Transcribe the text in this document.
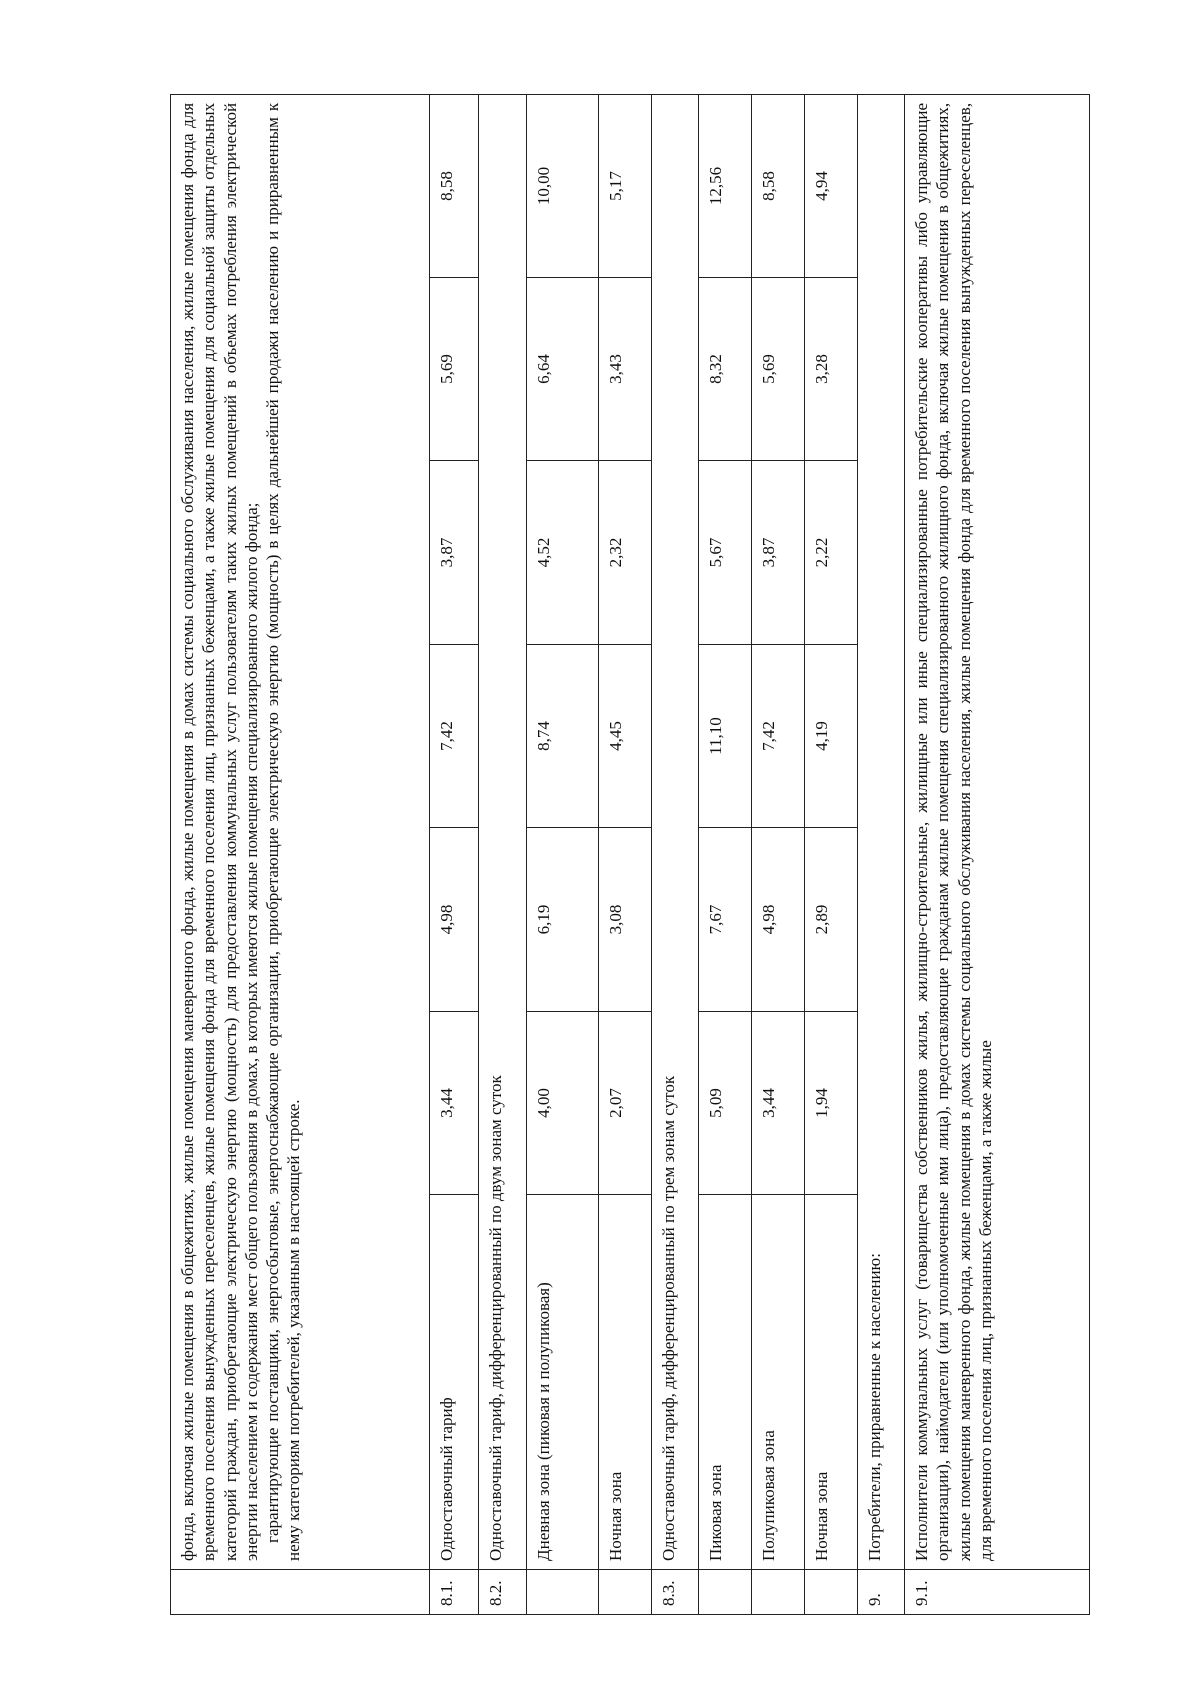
	фонда, включая жилые помещения в общежитиях, жилые помещения маневренного фонда, жилые помещения в домах системы социального обслуживания населения, жилые помещения фонда для временного поселения вынужденных переселенцев, жилые помещения фонда для временного поселения лиц, признанных беженцами, а также жилые помещения для социальной защиты отдельных категорий граждан, приобретающие электрическую энергию (мощность) для предоставления коммунальных услуг пользователям таких жилых помещений в объемах потребления электрической энергии населением и содержания мест общего пользования в домах, в которых имеются жилые помещения специализированного жилого фонда; гарантирующие поставщики, энергосбытовые, энергоснабжающие организации, приобретающие электрическую энергию (мощность) в целях дальнейшей продажи населению и приравненным к нему категориям потребителей, указанным в настоящей строке.						

8.1.	Одноставочный тариф	3,44	4,98	7,42	3,87	5,69	8,58
8.2.	Одноставочный тариф, дифференцированный по двум зонам суток						
	Дневная зона (пиковая и полупиковая)	4,00	6,19	8,74	4,52	6,64	10,00
	Ночная зона	2,07	3,08	4,45	2,32	3,43	5,17
8.3.	Одноставочный тариф, дифференцированный по трем зонам суток						
	Пиковая зона	5,09	7,67	11,10	5,67	8,32	12,56
	Полупиковая зона	3,44	4,98	7,42	3,87	5,69	8,58
	Ночная зона	1,94	2,89	4,19	2,22	3,28	4,94
9.	Потребители, приравненные к населению:						
9.1.	Исполнители коммунальных услуг (товарищества собственников жилья, жилищно-строительные, жилищные или иные специализированные потребительские кооперативы либо управляющие организации), наймодатели (или уполномоченные ими лица), предоставляющие гражданам жилые помещения специализированного жилищного фонда, включая жилые помещения в общежитиях, жилые помещения маневренного фонда, жилые помещения в домах системы социального обслуживания населения, жилые помещения фонда для временного поселения вынужденных переселенцев, для временного поселения лиц, признанных беженцами, а также жилые						
